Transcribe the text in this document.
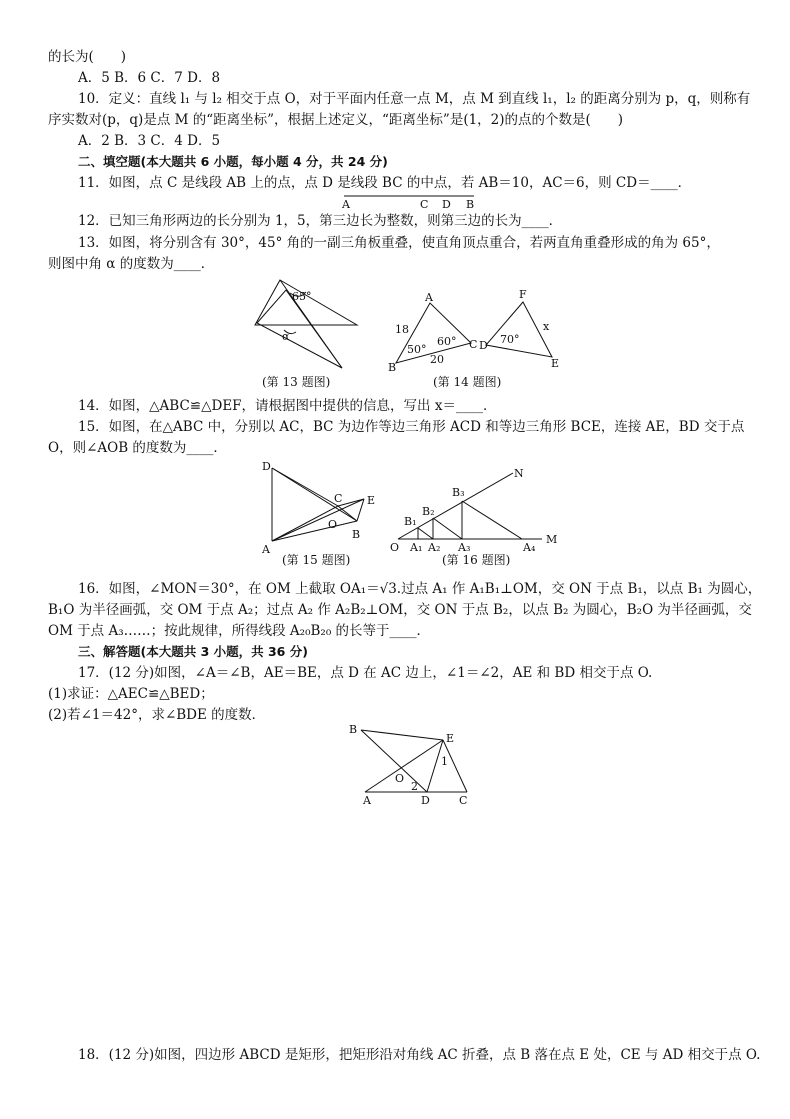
的长为(　　)
A．5 B．6 C．7 D．8
10．定义：直线 l₁ 与 l₂ 相交于点 O，对于平面内任意一点 M，点 M 到直线 l₁，l₂ 的距离分别为 p，q，则称有
序实数对(p，q)是点 M 的“距离坐标”，根据上述定义，“距离坐标”是(1，2)的点的个数是(　　)
A．2 B．3 C．4 D．5
二、填空题(本大题共 6 小题，每小题 4 分，共 24 分)
11．如图，点 C 是线段 AB 上的点，点 D 是线段 BC 的中点，若 AB＝10，AC＝6，则 CD＝____．
A	C D B
12．已知三角形两边的长分别为 1，5，第三边长为整数，则第三边的长为____．
13．如图，将分别含有 30°，45° 角的一副三角板重叠，使直角顶点重合，若两直角重叠形成的角为 65°，
则图中角 α 的度数为____．
65°
α
(第 13 题图)
A
B
C
18
20
50°
60°
F
D
E
70°
x
(第 14 题图)
14．如图，△ABC≌△DEF，请根据图中提供的信息，写出 x＝____．
15．如图，在△ABC 中，分别以 AC，BC 为边作等边三角形 ACD 和等边三角形 BCE，连接 AE，BD 交于点
O，则∠AOB 的度数为____．
D
A
C E
O
B
(第 15 题图)
O
N
M
B₁
B₂
B₃
A₁ A₂ A₃	A₄
(第 16 题图)
16．如图，∠MON＝30°，在 OM 上截取 OA₁＝√3.过点 A₁ 作 A₁B₁⊥OM，交 ON 于点 B₁，以点 B₁ 为圆心，
B₁O 为半径画弧，交 OM 于点 A₂；过点 A₂ 作 A₂B₂⊥OM，交 ON 于点 B₂，以点 B₂ 为圆心，B₂O 为半径画弧，交
OM 于点 A₃……；按此规律，所得线段 A₂₀B₂₀ 的长等于____．
三、解答题(本大题共 3 小题，共 36 分)
17．(12 分)如图，∠A＝∠B，AE＝BE，点 D 在 AC 边上，∠1＝∠2，AE 和 BD 相交于点 O.
(1)求证：△AEC≌△BED；
(2)若∠1＝42°，求∠BDE 的度数．
B
E
O
A	D	C
1
2
18．(12 分)如图，四边形 ABCD 是矩形，把矩形沿对角线 AC 折叠，点 B 落在点 E 处，CE 与 AD 相交于点 O.
